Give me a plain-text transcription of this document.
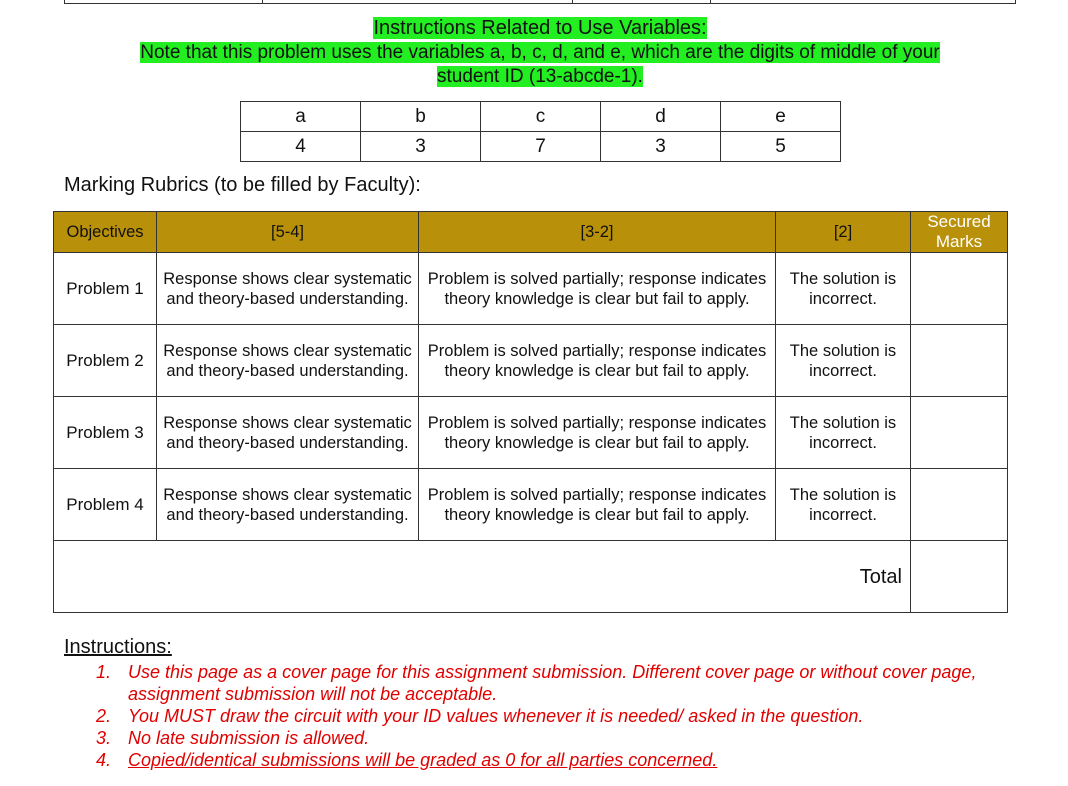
Instructions Related to Use Variables:
Note that this problem uses the variables a, b, c, d, and e, which are the digits of middle of your
student ID (13-abcde-1).
a	b	c	d	e
4	3	7	3	5
Marking Rubrics (to be filled by Faculty):
Objectives	[5-4]	[3-2]	[2]	Secured Marks
Problem 1	Response shows clear systematic and theory-based understanding.	Problem is solved partially; response indicates theory knowledge is clear but fail to apply.	The solution is incorrect.	
Problem 2	Response shows clear systematic and theory-based understanding.	Problem is solved partially; response indicates theory knowledge is clear but fail to apply.	The solution is incorrect.	
Problem 3	Response shows clear systematic and theory-based understanding.	Problem is solved partially; response indicates theory knowledge is clear but fail to apply.	The solution is incorrect.	
Problem 4	Response shows clear systematic and theory-based understanding.	Problem is solved partially; response indicates theory knowledge is clear but fail to apply.	The solution is incorrect.	
Total				
Instructions:
1. Use this page as a cover page for this assignment submission. Different cover page or without cover page, assignment submission will not be acceptable.
2. You MUST draw the circuit with your ID values whenever it is needed/ asked in the question.
3. No late submission is allowed.
4. Copied/identical submissions will be graded as 0 for all parties concerned.
